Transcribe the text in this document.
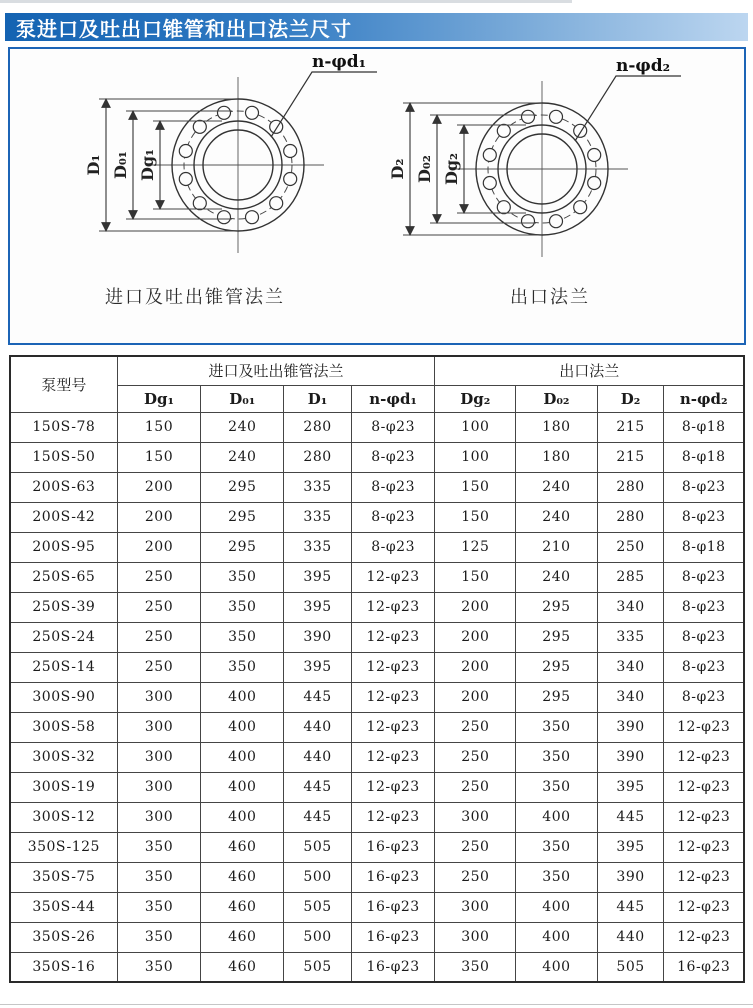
泵进口及吐出口锥管和出口法兰尺寸
D₁ D₀₁ Dg₁
n-φd₁
D₂ D₀₂ Dg₂
n-φd₂
进口及吐出锥管法兰	出口法兰
泵型号	进口及吐出锥管法兰				出口法兰			
	Dg₁	D₀₁	D₁	n-φd₁	Dg₂	D₀₂	D₂	n-φd₂
150S-78	150	240	280	8-φ23	100	180	215	8-φ18
150S-50	150	240	280	8-φ23	100	180	215	8-φ18
200S-63	200	295	335	8-φ23	150	240	280	8-φ23
200S-42	200	295	335	8-φ23	150	240	280	8-φ23
200S-95	200	295	335	8-φ23	125	210	250	8-φ18
250S-65	250	350	395	12-φ23	150	240	285	8-φ23
250S-39	250	350	395	12-φ23	200	295	340	8-φ23
250S-24	250	350	390	12-φ23	200	295	335	8-φ23
250S-14	250	350	395	12-φ23	200	295	340	8-φ23
300S-90	300	400	445	12-φ23	200	295	340	8-φ23
300S-58	300	400	440	12-φ23	250	350	390	12-φ23
300S-32	300	400	440	12-φ23	250	350	390	12-φ23
300S-19	300	400	445	12-φ23	250	350	395	12-φ23
300S-12	300	400	445	12-φ23	300	400	445	12-φ23
350S-125	350	460	505	16-φ23	250	350	395	12-φ23
350S-75	350	460	500	16-φ23	250	350	390	12-φ23
350S-44	350	460	505	16-φ23	300	400	445	12-φ23
350S-26	350	460	500	16-φ23	300	400	440	12-φ23
350S-16	350	460	505	16-φ23	350	400	505	16-φ23
